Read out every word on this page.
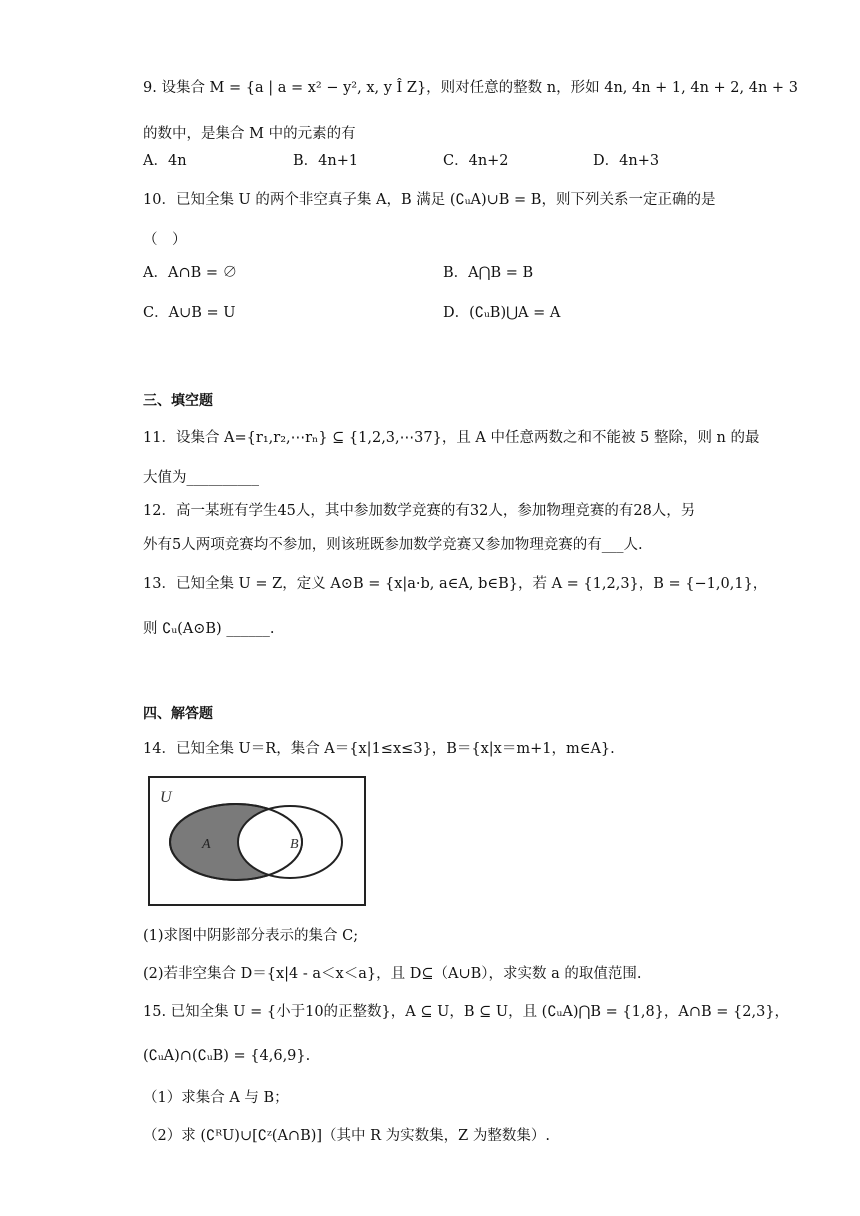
9. 设集合 M = {a | a = x² − y², x, y Î Z}，则对任意的整数 n，形如 4n, 4n + 1, 4n + 2, 4n + 3
的数中，是集合 M 中的元素的有
A．4n	B．4n+1	C．4n+2	D．4n+3
10．已知全集 U 的两个非空真子集 A，B 满足 (∁ᵤA)∪B = B，则下列关系一定正确的是
（　）
A．A∩B = ∅	B．A⋂B = B
C．A∪B = U	D．(∁ᵤB)⋃A = A
三、填空题
11．设集合 A={r₁,r₂,⋯rₙ} ⊆ {1,2,3,⋯37}，且 A 中任意两数之和不能被 5 整除，则 n 的最
大值为__________
12．高一某班有学生45人，其中参加数学竞赛的有32人，参加物理竞赛的有28人，另
外有5人两项竞赛均不参加，则该班既参加数学竞赛又参加物理竞赛的有___人.
13．已知全集 U = Z，定义 A⊙B = {x|a·b, a∈A, b∈B}，若 A = {1,2,3}，B = {−1,0,1}，
则 ∁ᵤ(A⊙B) ______.
四、解答题
14．已知全集 U＝R，集合 A＝{x|1≤x≤3}，B＝{x|x＝m+1，m∈A}.
U
A	B
(1)求图中阴影部分表示的集合 C;
(2)若非空集合 D＝{x|4 - a＜x＜a}，且 D⊆（A∪B），求实数 a 的取值范围.
15. 已知全集 U = {小于10的正整数}，A ⊆ U，B ⊆ U，且 (∁ᵤA)⋂B = {1,8}，A∩B = {2,3}，
(∁ᵤA)∩(∁ᵤB) = {4,6,9}.
（1）求集合 A 与 B；
（2）求 (∁ᴿU)∪[∁ᶻ(A∩B)]（其中 R 为实数集，Z 为整数集）.
